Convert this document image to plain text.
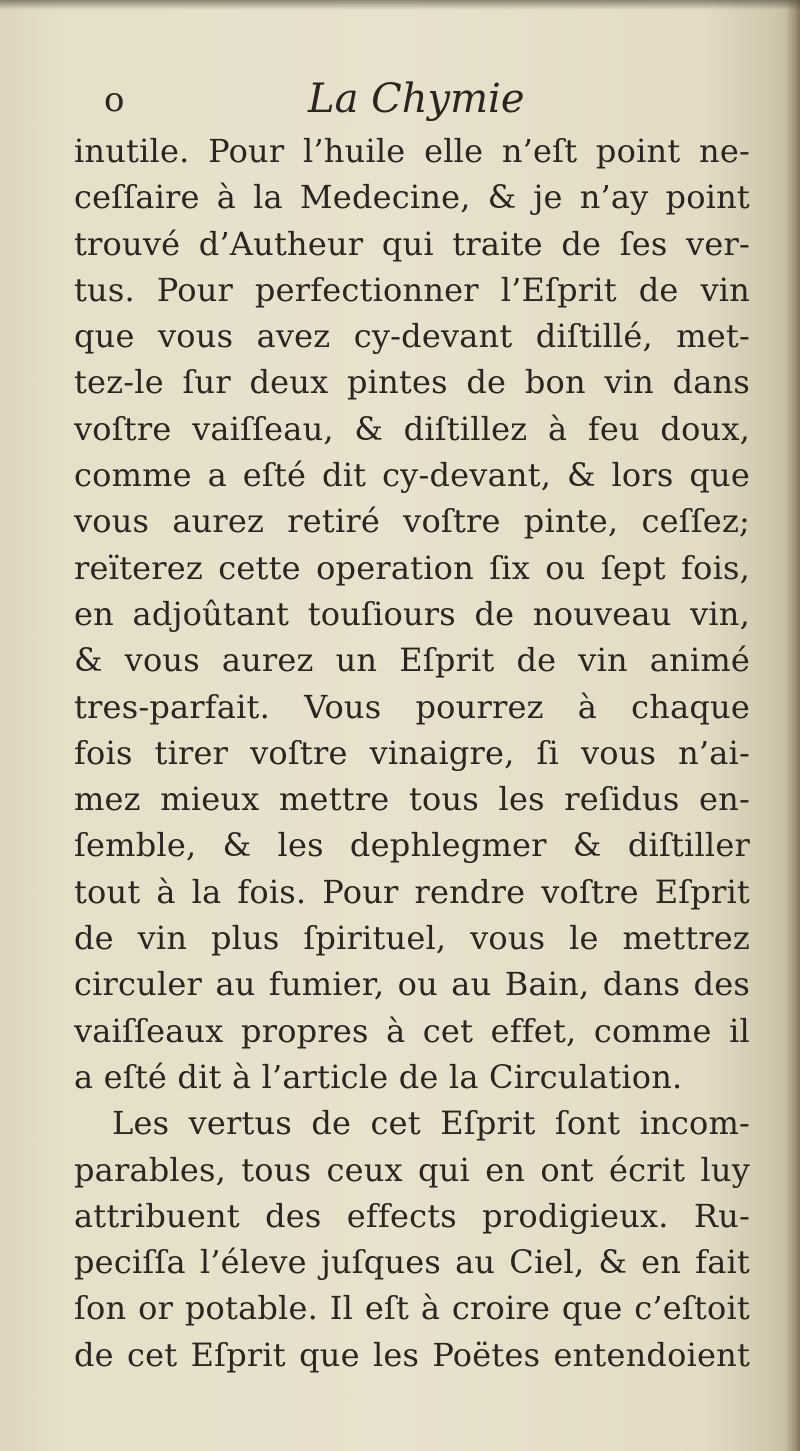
o	La Chymie
inutile. Pour l’huile elle n’eſt point ne-
ceſſaire à la Medecine, & je n’ay point
trouvé d’Autheur qui traite de ſes ver-
tus. Pour perfectionner l’Eſprit de vin
que vous avez cy-devant diſtillé, met-
tez-le ſur deux pintes de bon vin dans
voſtre vaiſſeau, & diſtillez à feu doux,
comme a eſté dit cy-devant, & lors que
vous aurez retiré voſtre pinte, ceſſez;
reïterez cette operation ſix ou ſept fois,
en adjoûtant touſiours de nouveau vin,
& vous aurez un Eſprit de vin animé
tres-parfait. Vous pourrez à chaque
fois tirer voſtre vinaigre, ſi vous n’ai-
mez mieux mettre tous les reſidus en-
ſemble, & les dephlegmer & diſtiller
tout à la fois. Pour rendre voſtre Eſprit
de vin plus ſpirituel, vous le mettrez
circuler au fumier, ou au Bain, dans des
vaiſſeaux propres à cet effet, comme il
a eſté dit à l’article de la Circulation.
Les vertus de cet Eſprit ſont incom-
parables, tous ceux qui en ont écrit luy
attribuent des effects prodigieux. Ru-
peciſſa l’éleve juſques au Ciel, & en fait
ſon or potable. Il eſt à croire que c’eſtoit
de cet Eſprit que les Poëtes entendoient
